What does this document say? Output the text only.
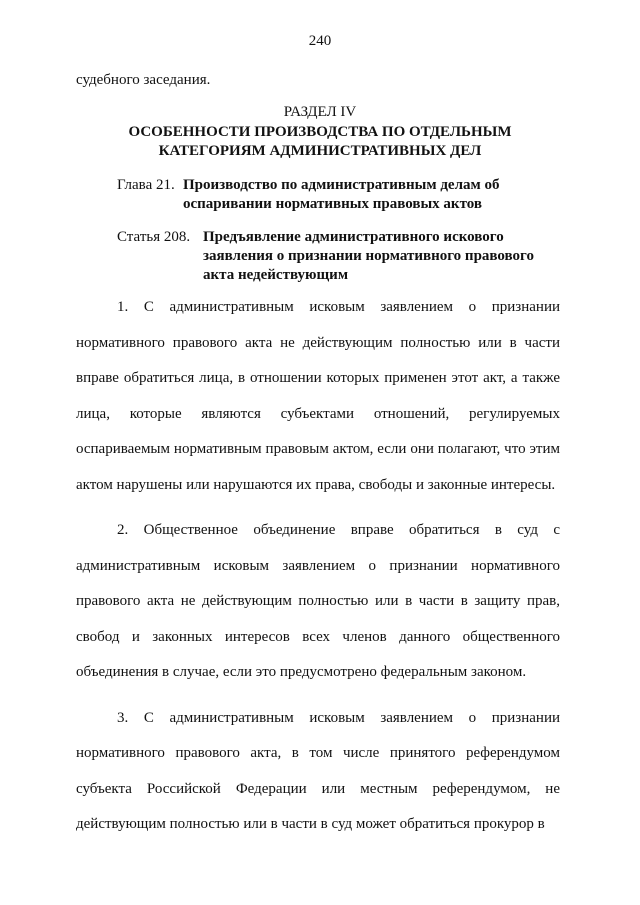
240
судебного заседания.
РАЗДЕЛ IV
ОСОБЕННОСТИ ПРОИЗВОДСТВА ПО ОТДЕЛЬНЫМ
КАТЕГОРИЯМ АДМИНИСТРАТИВНЫХ ДЕЛ
Глава 21. Производство по административным делам об
оспаривании нормативных правовых актов
Статья 208. Предъявление административного искового
заявления о признании нормативного правового
акта недействующим

1. С административным исковым заявлением о признании нормативного правового акта не действующим полностью или в части вправе обратиться лица, в отношении которых применен этот акт, а также лица, которые являются субъектами отношений, регулируемых оспариваемым нормативным правовым актом, если они полагают, что этим актом нарушены или нарушаются их права, свободы и законные интересы.

2. Общественное объединение вправе обратиться в суд с административным исковым заявлением о признании нормативного правового акта не действующим полностью или в части в защиту прав, свобод и законных интересов всех членов данного общественного объединения в случае, если это предусмотрено федеральным законом.

3. С административным исковым заявлением о признании нормативного правового акта, в том числе принятого референдумом субъекта Российской Федерации или местным референдумом, не действующим полностью или в части в суд может обратиться прокурор в
